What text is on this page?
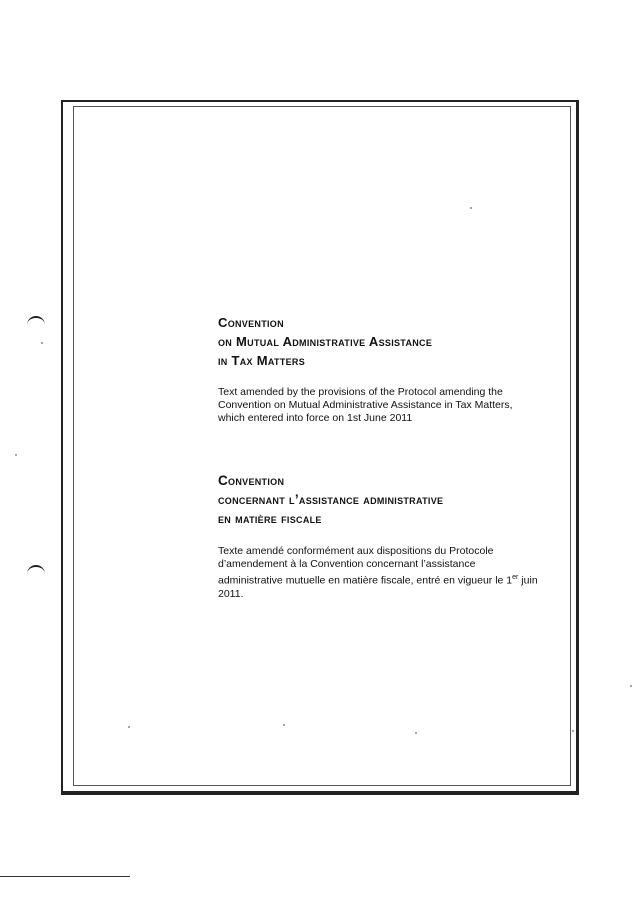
Convention
on Mutual Administrative Assistance
in Tax Matters

Text amended by the provisions of the Protocol amending the Convention on Mutual Administrative Assistance in Tax Matters, which entered into force on 1st June 2011

Convention
concernant l’assistance administrative
en matière fiscale

Texte amendé conformément aux dispositions du Protocole d’amendement à la Convention concernant l’assistance administrative mutuelle en matière fiscale, entré en vigueur le 1er juin 2011.
